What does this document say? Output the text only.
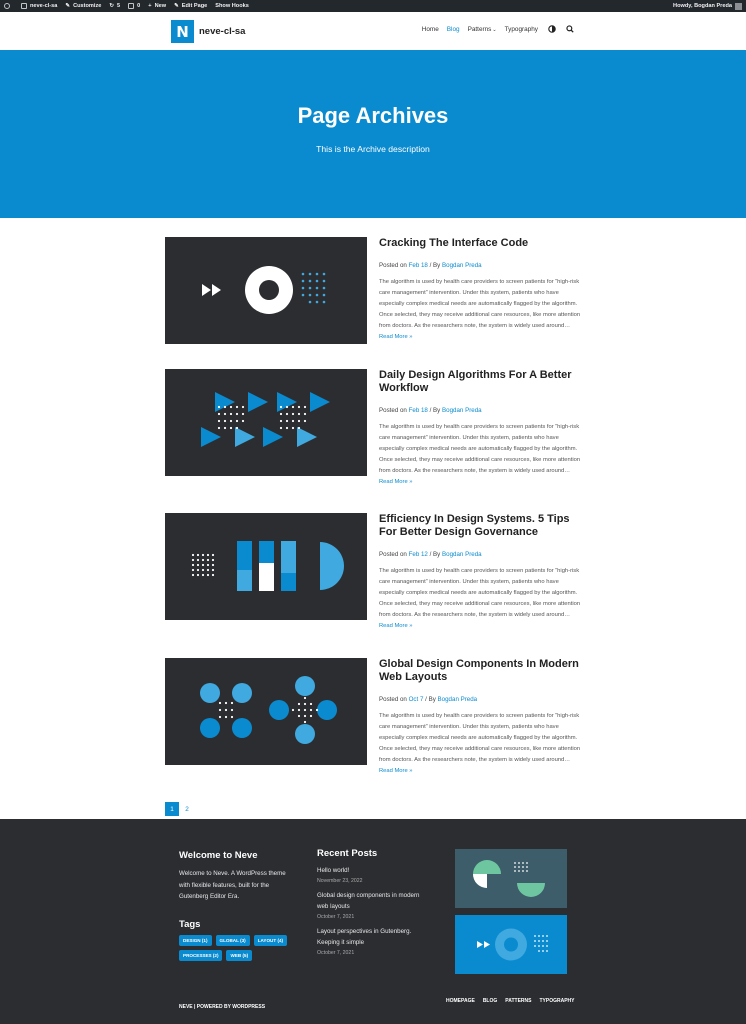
neve-cl-sa ✎ Customize ↻ 5	0 + New ✎ Edit Page Show Hooks	Howdy, Bogdan Preda
N	neve-cl-sa	Home Blog Patterns⌄ Typography
Page Archives

This is the Archive description

Cracking The Interface Code
Posted on Feb 18 / By Bogdan Preda
The algorithm is used by health care providers to screen patients for “high-risk care management” intervention. Under this system, patients who have especially complex medical needs are automatically flagged by the algorithm. Once selected, they may receive additional care resources, like more attention from doctors. As the researchers note, the system is widely used around… Read More »
Daily Design Algorithms For A Better Workflow
Posted on Feb 18 / By Bogdan Preda
The algorithm is used by health care providers to screen patients for “high-risk care management” intervention. Under this system, patients who have especially complex medical needs are automatically flagged by the algorithm. Once selected, they may receive additional care resources, like more attention from doctors. As the researchers note, the system is widely used around… Read More »
Efficiency In Design Systems. 5 Tips For Better Design Governance
Posted on Feb 12 / By Bogdan Preda
The algorithm is used by health care providers to screen patients for “high-risk care management” intervention. Under this system, patients who have especially complex medical needs are automatically flagged by the algorithm. Once selected, they may receive additional care resources, like more attention from doctors. As the researchers note, the system is widely used around… Read More »
Global Design Components In Modern Web Layouts
Posted on Oct 7 / By Bogdan Preda
The algorithm is used by health care providers to screen patients for “high-risk care management” intervention. Under this system, patients who have especially complex medical needs are automatically flagged by the algorithm. Once selected, they may receive additional care resources, like more attention from doctors. As the researchers note, the system is widely used around… Read More »
1	2
Welcome to Neve
Welcome to Neve. A WordPress theme with flexible features, built for the Gutenberg Editor Era.
Tags
DESIGN (1)	GLOBAL (3)	LAYOUT (4)
PROCESSES (2)	WEB (5)
Recent Posts
Hello world!
November 23, 2022
Global design components in modern web layouts
October 7, 2021
Layout perspectives in Gutenberg. Keeping it simple
October 7, 2021
NEVE | POWERED BY WORDPRESS
HOMEPAGE BLOG PATTERNS TYPOGRAPHY
